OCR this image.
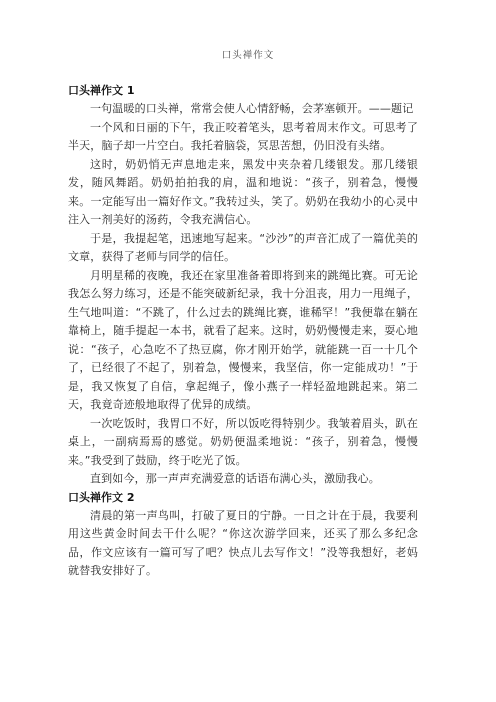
口头禅作文
口头禅作文 1

一句温暖的口头禅，常常会使人心情舒畅，会茅塞顿开。——题记

一个风和日丽的下午，我正咬着笔头，思考着周末作文。可思考了半天，脑子却一片空白。我托着脑袋，冥思苦想，仍旧没有头绪。

这时，奶奶悄无声息地走来，黑发中夹杂着几缕银发。那几缕银发，随风舞蹈。奶奶拍拍我的肩，温和地说：“孩子，别着急，慢慢来。一定能写出一篇好作文。”我转过头，笑了。奶奶在我幼小的心灵中注入一剂美好的汤药，令我充满信心。

于是，我提起笔，迅速地写起来。“沙沙”的声音汇成了一篇优美的文章，获得了老师与同学的信任。

月明星稀的夜晚，我还在家里准备着即将到来的跳绳比赛。可无论我怎么努力练习，还是不能突破新纪录，我十分沮丧，用力一甩绳子，生气地叫道：“不跳了，什么过去的跳绳比赛，谁稀罕！”我便靠在躺在靠椅上，随手提起一本书，就看了起来。这时，奶奶慢慢走来，耍心地说：“孩子，心急吃不了热豆腐，你才刚开始学，就能跳一百一十几个了，已经很了不起了，别着急，慢慢来，我坚信，你一定能成功！”于是，我又恢复了自信，拿起绳子，像小燕子一样轻盈地跳起来。第二天，我竟奇迹般地取得了优异的成绩。

一次吃饭时，我胃口不好，所以饭吃得特别少。我皱着眉头，趴在桌上，一副病焉焉的感觉。奶奶便温柔地说：“孩子，别着急，慢慢来。”我受到了鼓励，终于吃光了饭。

直到如今，那一声声充满爱意的话语布满心头，激励我心。

口头禅作文 2

清晨的第一声鸟叫，打破了夏日的宁静。一日之计在于晨，我要利用这些黄金时间去干什么呢？“你这次游学回来，还买了那么多纪念品，作文应该有一篇可写了吧？快点儿去写作文！”没等我想好，老妈就替我安排好了。
